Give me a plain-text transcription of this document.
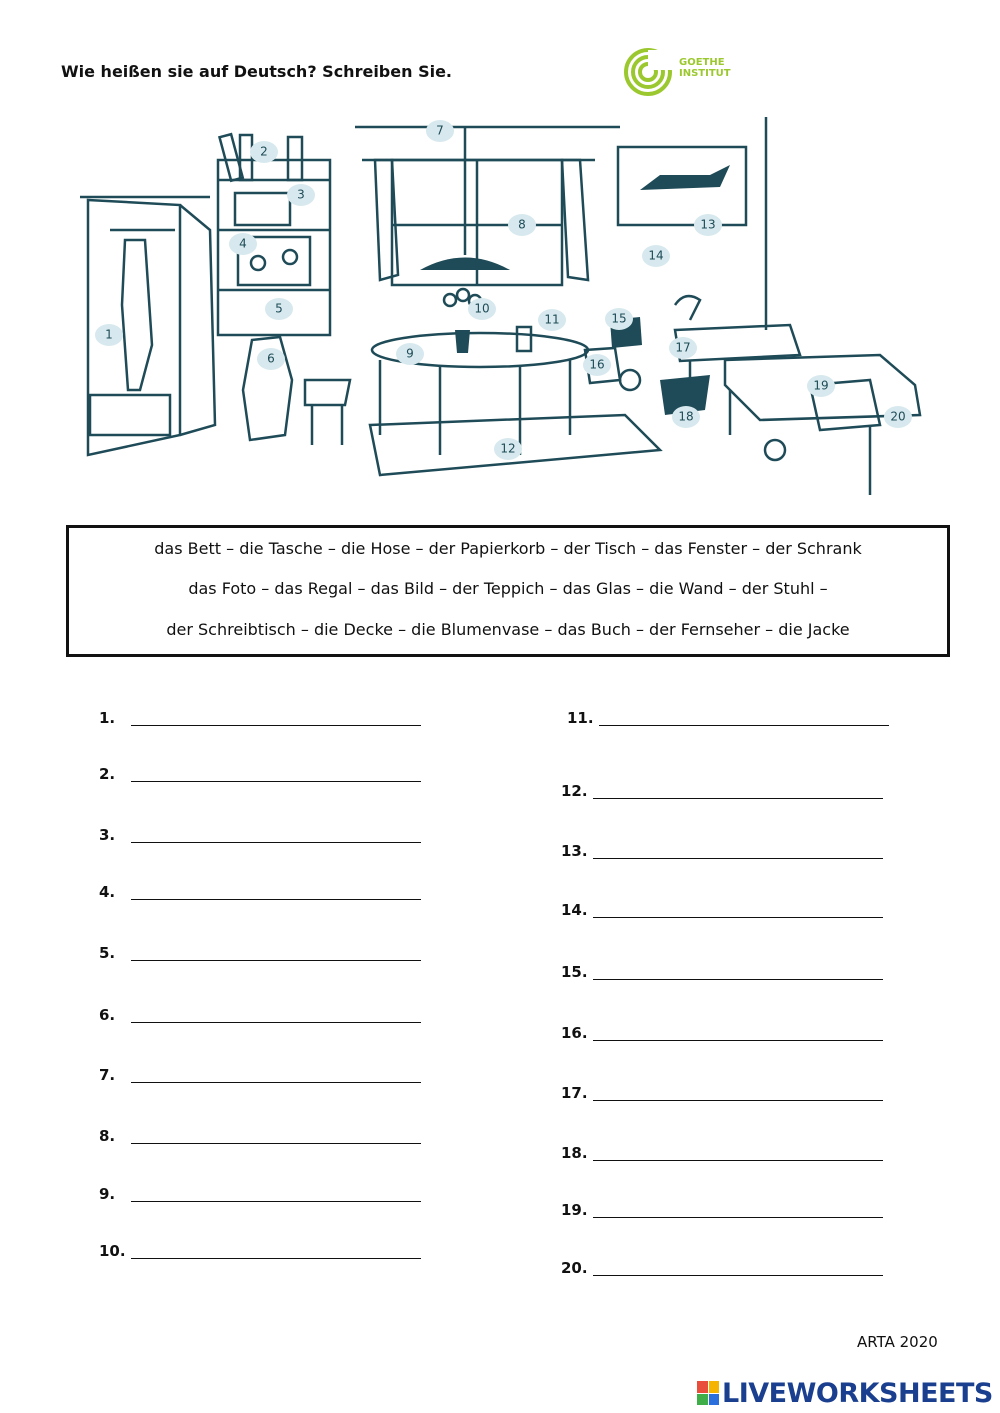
Wie heißen sie auf Deutsch? Schreiben Sie.	GOETHE
INSTITUT
1
2
3
4
5
6
7
8
9
10
11
12
13
14
15
16
17
18
19
20
das Bett – die Tasche – die Hose – der Papierkorb – der Tisch – das Fenster – der Schrank
das Foto – das Regal – das Bild – der Teppich – das Glas – die Wand – der Stuhl –
der Schreibtisch – die Decke – die Blumenvase – das Buch – der Fernseher – die Jacke
1.
2.
3.
4.
5.
6.
7.
8.
9.
10.
11.
12.
13.
14.
15.
16.
17.
18.
19.
20.
ARTA 2020
LIVEWORKSHEETS
